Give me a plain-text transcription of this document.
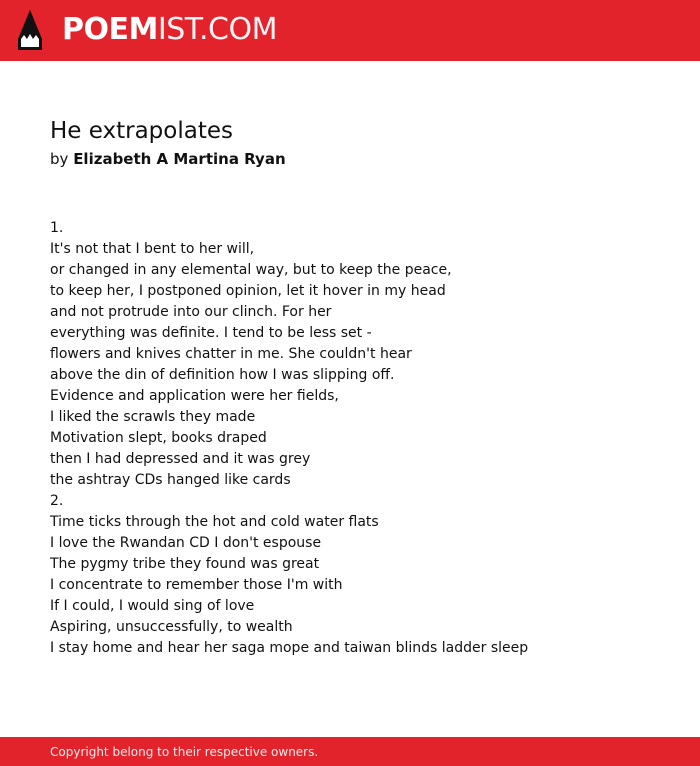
POEMIST.COM
He extrapolates
by Elizabeth A Martina Ryan
1.
It's not that I bent to her will,
or changed in any elemental way, but to keep the peace,
to keep her, I postponed opinion, let it hover in my head
and not protrude into our clinch. For her
everything was definite. I tend to be less set -
flowers and knives chatter in me. She couldn't hear
above the din of definition how I was slipping off.
Evidence and application were her fields,
I liked the scrawls they made
Motivation slept, books draped
then I had depressed and it was grey
the ashtray CDs hanged like cards
2.
Time ticks through the hot and cold water flats
I love the Rwandan CD I don't espouse
The pygmy tribe they found was great
I concentrate to remember those I'm with
If I could, I would sing of love
Aspiring, unsuccessfully, to wealth
I stay home and hear her saga mope and taiwan blinds ladder sleep
Copyright belong to their respective owners.
